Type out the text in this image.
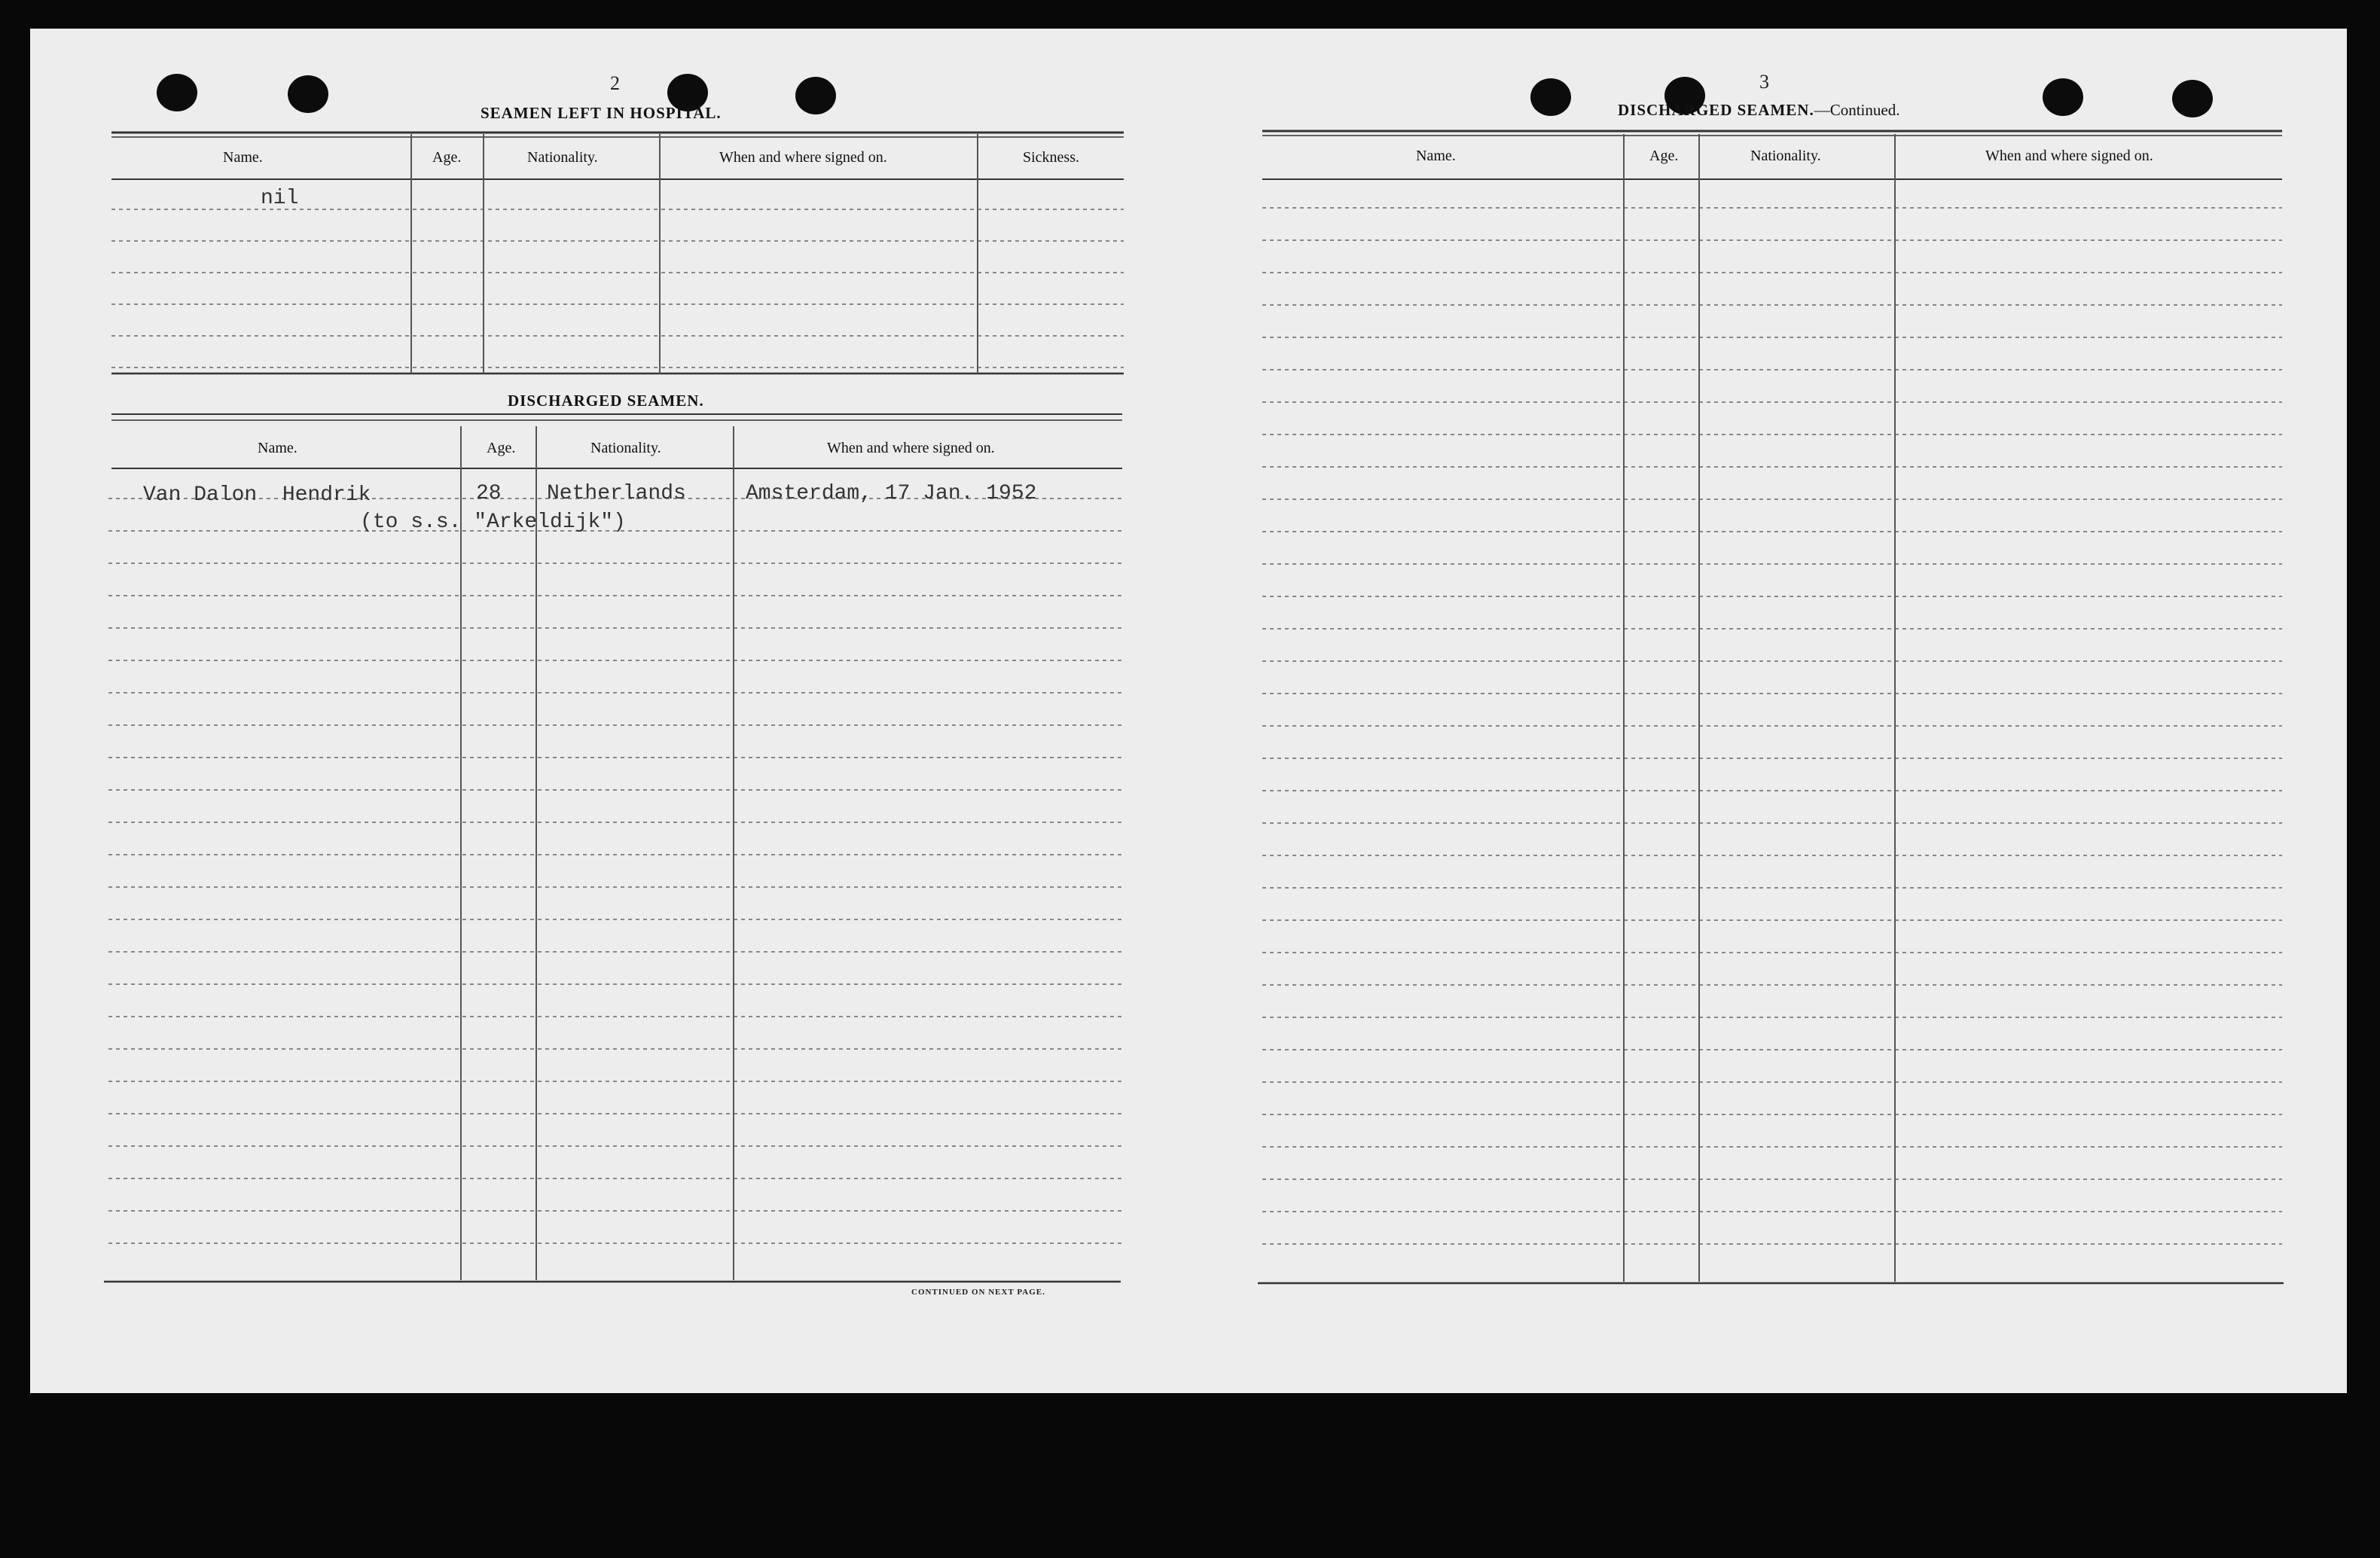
2
SEAMEN LEFT IN HOSPITAL.
Name.	Age.	Nationality.	When and where signed on.	Sickness.
nil
DISCHARGED SEAMEN.
Name.	Age.	Nationality.	When and where signed on.
Van Dalon  Hendrik	28 Netherlands	Amsterdam, 17 Jan. 1952
(to s.s. "Arkeldijk")
CONTINUED ON NEXT PAGE.
3
DISCHARGED SEAMEN.—Continued.
Name.	Age.	Nationality.	When and where signed on.
